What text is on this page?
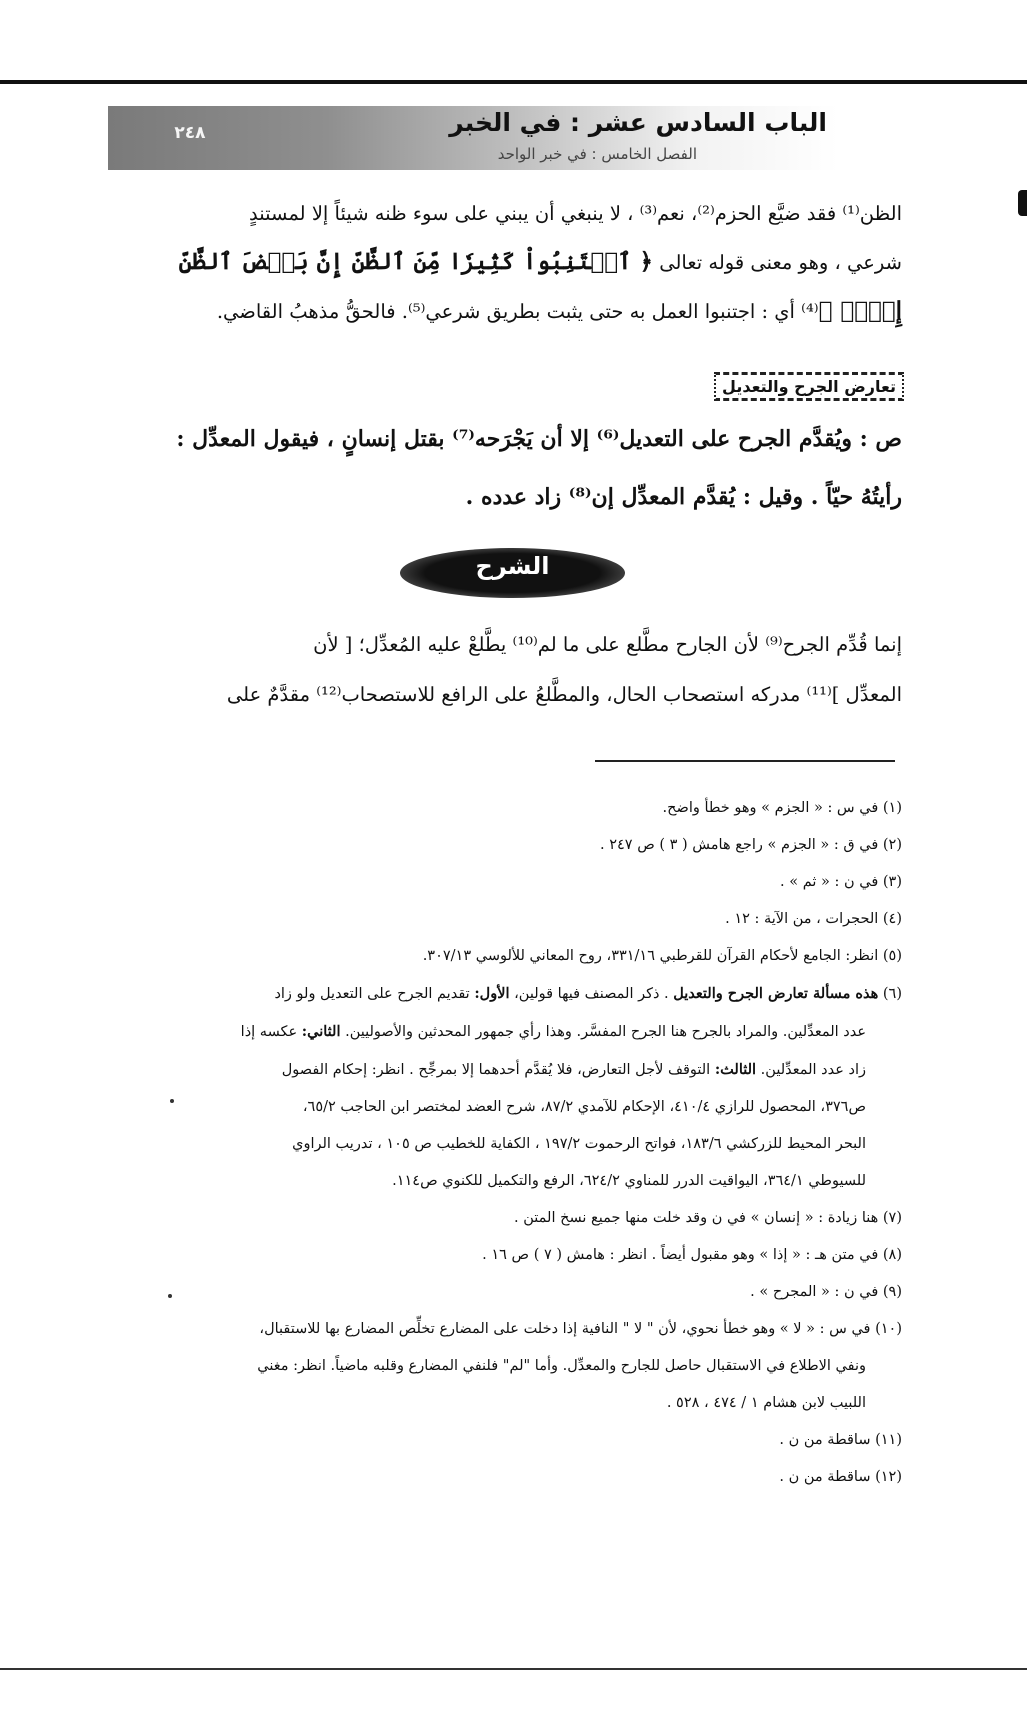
الباب السادس عشر : في الخبر
الفصل الخامس : في خبر الواحد
٢٤٨
الظن⁽¹⁾ فقد ضيَّع الحزم⁽²⁾، نعم⁽³⁾ ، لا ينبغي أن يبني على سوء ظنه شيئاً إلا لمستندٍ
شرعي ، وهو معنى قوله تعالى ﴿ ٱجۡتَنِبُواْ كَثِيرٗا مِّنَ ٱلظَّنِّ إِنَّ بَعۡضَ ٱلظَّنِّ
إِثۡمٞ ﴾⁽⁴⁾ أي : اجتنبوا العمل به حتى يثبت بطريق شرعي⁽⁵⁾. فالحقُّ مذهبُ القاضي.
تعارض الجرح والتعديل
ص : ويُقدَّم الجرح على التعديل⁽⁶⁾ إلا أن يَجْرَحه⁽⁷⁾ بقتل إنسانٍ ، فيقول المعدِّل :
رأيتُهُ حيّاً . وقيل : يُقدَّم المعدِّل إن⁽⁸⁾ زاد عدده .
الشرح
إنما قُدِّم الجرح⁽⁹⁾ لأن الجارح مطَّلع على ما لم⁽¹⁰⁾ يطَّلعْ عليه المُعدِّل؛ [ لأن
المعدِّل ]⁽¹¹⁾ مدركه استصحاب الحال، والمطَّلعُ على الرافع للاستصحاب⁽¹²⁾ مقدَّمٌ على
(١) في س : « الجزم » وهو خطأ واضح.
(٢) في ق : « الجزم » راجع هامش ( ٣ ) ص ٢٤٧ .
(٣) في ن : « ثم » .
(٤) الحجرات ، من الآية : ١٢ .
(٥) انظر: الجامع لأحكام القرآن للقرطبي ٣٣١/١٦، روح المعاني للألوسي ٣٠٧/١٣.
(٦) هذه مسألة تعارض الجرح والتعديل . ذكر المصنف فيها قولين، الأول: تقديم الجرح على التعديل ولو زاد
عدد المعدِّلين. والمراد بالجرح هنا الجرح المفسَّر. وهذا رأي جمهور المحدثين والأصوليين. الثاني: عكسه إذا
زاد عدد المعدِّلين. الثالث: التوقف لأجل التعارض، فلا يُقدَّم أحدهما إلا بمرجِّح . انظر: إحكام الفصول
ص٣٧٦، المحصول للرازي ٤١٠/٤، الإحكام للآمدي ٨٧/٢، شرح العضد لمختصر ابن الحاجب ٦٥/٢،
البحر المحيط للزركشي ١٨٣/٦، فواتح الرحموت ١٩٧/٢ ، الكفاية للخطيب ص ١٠٥ ، تدريب الراوي
للسيوطي ٣٦٤/١، اليواقيت الدرر للمناوي ٦٢٤/٢، الرفع والتكميل للكنوي ص١١٤.
(٧) هنا زيادة : « إنسان » في ن وقد خلت منها جميع نسخ المتن .
(٨) في متن هـ : « إذا » وهو مقبول أيضاً . انظر : هامش ( ٧ ) ص ١٦ .
(٩) في ن : « المجرح » .
(١٠) في س : « لا » وهو خطأ نحوي، لأن " لا " النافية إذا دخلت على المضارع تخلِّص المضارع بها للاستقبال،
ونفي الاطلاع في الاستقبال حاصل للجارح والمعدِّل. وأما "لم" فلنفي المضارع وقلبه ماضياً. انظر: مغني
اللبيب لابن هشام ١ / ٤٧٤ ، ٥٢٨ .
(١١) ساقطة من ن .
(١٢) ساقطة من ن .
